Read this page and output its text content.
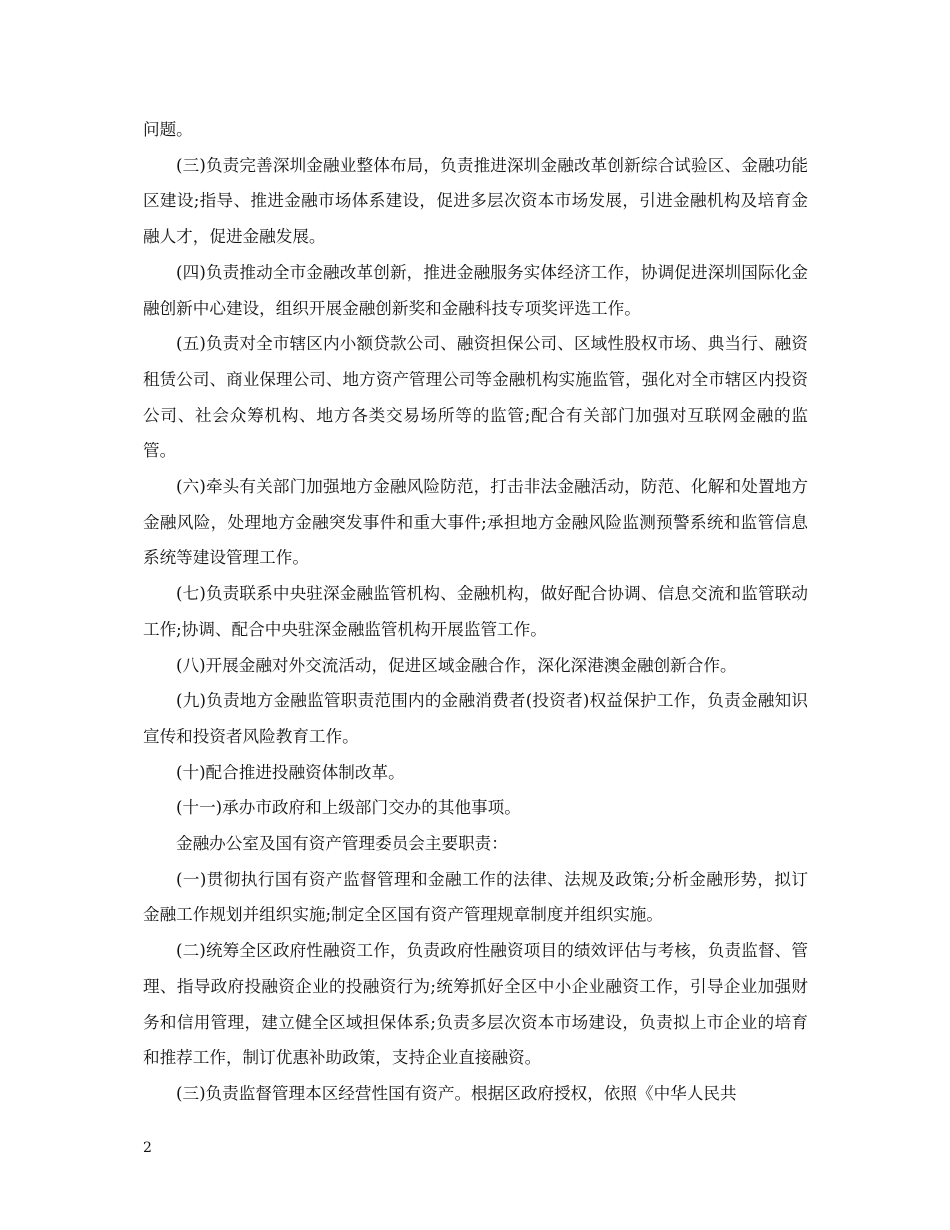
问题。

(三)负责完善深圳金融业整体布局，负责推进深圳金融改革创新综合试验区、金融功能区建设;指导、推进金融市场体系建设，促进多层次资本市场发展，引进金融机构及培育金融人才，促进金融发展。

(四)负责推动全市金融改革创新，推进金融服务实体经济工作，协调促进深圳国际化金融创新中心建设，组织开展金融创新奖和金融科技专项奖评选工作。

(五)负责对全市辖区内小额贷款公司、融资担保公司、区域性股权市场、典当行、融资租赁公司、商业保理公司、地方资产管理公司等金融机构实施监管，强化对全市辖区内投资公司、社会众筹机构、地方各类交易场所等的监管;配合有关部门加强对互联网金融的监管。

(六)牵头有关部门加强地方金融风险防范，打击非法金融活动，防范、化解和处置地方金融风险，处理地方金融突发事件和重大事件;承担地方金融风险监测预警系统和监管信息系统等建设管理工作。

(七)负责联系中央驻深金融监管机构、金融机构，做好配合协调、信息交流和监管联动工作;协调、配合中央驻深金融监管机构开展监管工作。

(八)开展金融对外交流活动，促进区域金融合作，深化深港澳金融创新合作。

(九)负责地方金融监管职责范围内的金融消费者(投资者)权益保护工作，负责金融知识宣传和投资者风险教育工作。

(十)配合推进投融资体制改革。

(十一)承办市政府和上级部门交办的其他事项。

金融办公室及国有资产管理委员会主要职责：

(一)贯彻执行国有资产监督管理和金融工作的法律、法规及政策;分析金融形势，拟订金融工作规划并组织实施;制定全区国有资产管理规章制度并组织实施。

(二)统筹全区政府性融资工作，负责政府性融资项目的绩效评估与考核，负责监督、管理、指导政府投融资企业的投融资行为;统筹抓好全区中小企业融资工作，引导企业加强财务和信用管理，建立健全区域担保体系;负责多层次资本市场建设，负责拟上市企业的培育和推荐工作，制订优惠补助政策，支持企业直接融资。

(三)负责监督管理本区经营性国有资产。根据区政府授权，依照《中华人民共

2
